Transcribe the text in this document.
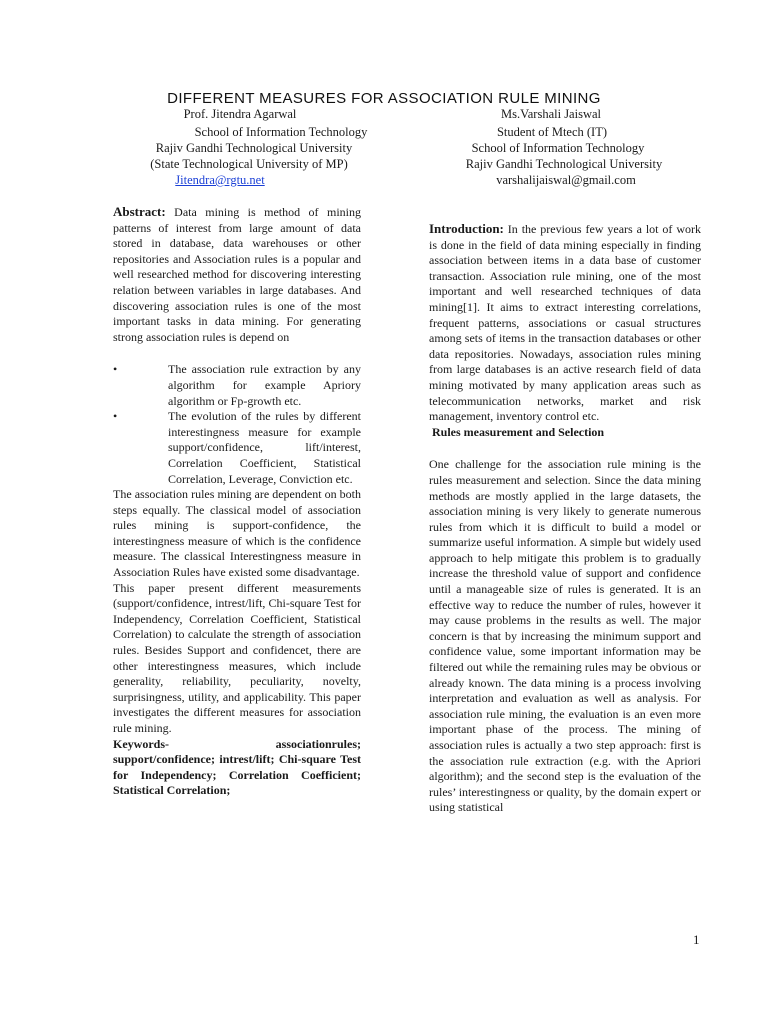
DIFFERENT MEASURES FOR ASSOCIATION RULE MINING

Prof. Jitendra Agarwal

School of Information Technology

Rajiv Gandhi Technological University

(State Technological University of MP)

Jitendra@rgtu.net

Ms.Varshali Jaiswal

Student of Mtech (IT)

School of Information Technology

Rajiv Gandhi Technological University

varshalijaiswal@gmail.com

Abstract: Data mining is method of mining patterns of interest from large amount of data stored in database, data warehouses or other repositories and Association rules is a popular and well researched method for discovering interesting relation between variables in large databases. And discovering association rules is one of the most important tasks in data mining. For generating strong association rules is depend on

•	The association rule extraction by any algorithm for example Apriory algorithm or Fp-growth etc.
•	The evolution of the rules by different interestingness measure for example support/confidence, lift/interest, Correlation Coefficient, Statistical Correlation, Leverage, Conviction etc.

The association rules mining are dependent on both steps equally. The classical model of association rules mining is support-confidence, the interestingness measure of which is the confidence measure. The classical Interestingness measure in Association Rules have existed some disadvantage.

This paper present different measurements (support/confidence, intrest/lift, Chi-square Test for Independency, Correlation Coefficient, Statistical Correlation) to calculate the strength of association rules. Besides Support and confidencet, there are other interestingness measures, which include generality, reliability, peculiarity, novelty, surprisingness, utility, and applicability. This paper investigates the different measures for association rule mining.

Keywords- associationrules; support/confidence; intrest/lift; Chi-square Test for Independency; Correlation Coefficient; Statistical Correlation;

Introduction: In the previous few years a lot of work is done in the field of data mining especially in finding association between items in a data base of customer transaction. Association rule mining, one of the most important and well researched techniques of data mining[1]. It aims to extract interesting correlations, frequent patterns, associations or casual structures among sets of items in the transaction databases or other data repositories. Nowadays, association rules mining from large databases is an active research field of data mining motivated by many application areas such as telecommunication networks, market and risk management, inventory control etc.

Rules measurement and Selection

One challenge for the association rule mining is the rules measurement and selection. Since the data mining methods are mostly applied in the large datasets, the association mining is very likely to generate numerous rules from which it is difficult to build a model or summarize useful information. A simple but widely used approach to help mitigate this problem is to gradually increase the threshold value of support and confidence until a manageable size of rules is generated. It is an effective way to reduce the number of rules, however it may cause problems in the results as well. The major concern is that by increasing the minimum support and confidence value, some important information may be filtered out while the remaining rules may be obvious or already known. The data mining is a process involving interpretation and evaluation as well as analysis. For association rule mining, the evaluation is an even more important phase of the process. The mining of association rules is actually a two step approach: first is the association rule extraction (e.g. with the Apriori algorithm); and the second step is the evaluation of the rules’ interestingness or quality, by the domain expert or using statistical

1
